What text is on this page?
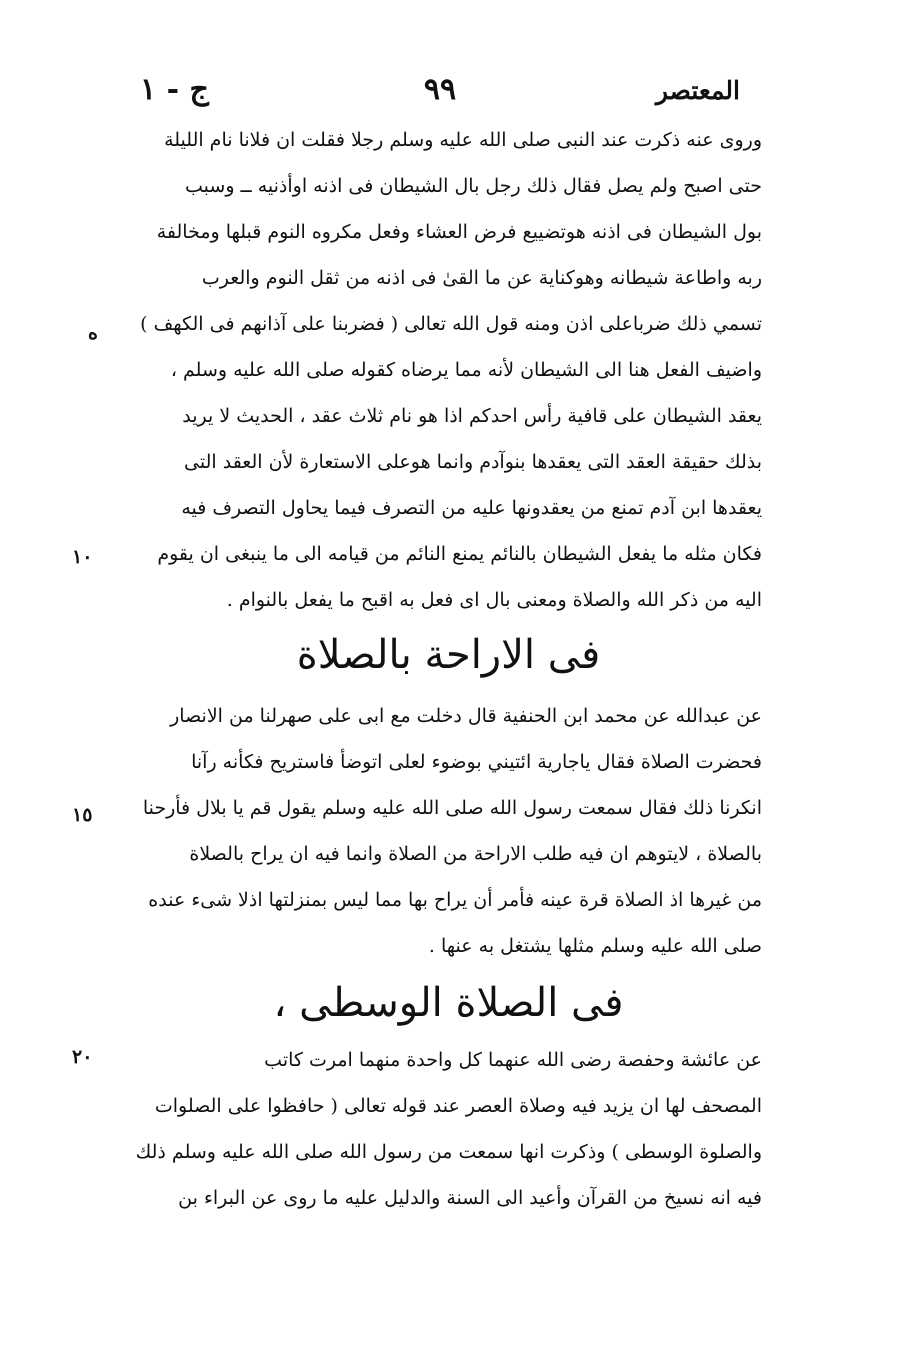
المعتصر
٩٩
ج - ١
وروى عنه ذكرت عند النبى صلى الله عليه وسلم رجلا فقلت ان فلانا نام الليلة
حتى اصبح ولم يصل فقال ذلك رجل بال الشيطان فى اذنه اوأذنيه ــ وسبب
بول الشيطان فى اذنه هوتضييع فرض العشاء وفعل مكروه النوم قبلها ومخالفة
ربه واطاعة شيطانه وهوكناية عن ما القىٰ فى اذنه من ثقل النوم والعرب
تسمي ذلك ضرباعلى اذن ومنه قول الله تعالى ( فضربنا على آذانهم فى الكهف )
واضيف الفعل هنا الى الشيطان لأنه مما يرضاه كقوله صلى الله عليه وسلم ،
يعقد الشيطان على قافية رأس احدكم اذا هو نام ثلاث عقد ، الحديث لا يريد
بذلك حقيقة العقد التى يعقدها بنوآدم وانما هوعلى الاستعارة لأن العقد التى
يعقدها ابن آدم تمنع من يعقدونها عليه من التصرف فيما يحاول التصرف فيه
فكان مثله ما يفعل الشيطان بالنائم يمنع النائم من قيامه الى ما ينبغى ان يقوم
اليه من ذكر الله والصلاة ومعنى بال اى فعل به اقبح ما يفعل بالنوام .
ه
١٠
فى الاراحة بالصلاة
عن عبدالله عن محمد ابن الحنفية قال دخلت مع ابى على صهرلنا من الانصار
فحضرت الصلاة فقال ياجارية ائتيني بوضوء لعلى اتوضأ فاستريح فكأنه رآنا
انكرنا ذلك فقال سمعت رسول الله صلى الله عليه وسلم يقول قم يا بلال فأرحنا
بالصلاة ، لايتوهم ان فيه طلب الاراحة من الصلاة وانما فيه ان يراح بالصلاة
من غيرها اذ الصلاة قرة عينه فأمر أن يراح بها مما ليس بمنزلتها اذلا شىء عنده
صلى الله عليه وسلم مثلها يشتغل به عنها .
١٥
فى الصلاة الوسطى ،
عن عائشة وحفصة رضى الله عنهما كل واحدة منهما امرت كاتب
المصحف لها ان يزيد فيه وصلاة العصر عند قوله تعالى ( حافظوا على الصلوات
والصلوة الوسطى ) وذكرت انها سمعت من رسول الله صلى الله عليه وسلم ذلك
فيه انه نسيخ من القرآن وأعيد الى السنة والدليل عليه ما روى عن البراء بن
٢٠
